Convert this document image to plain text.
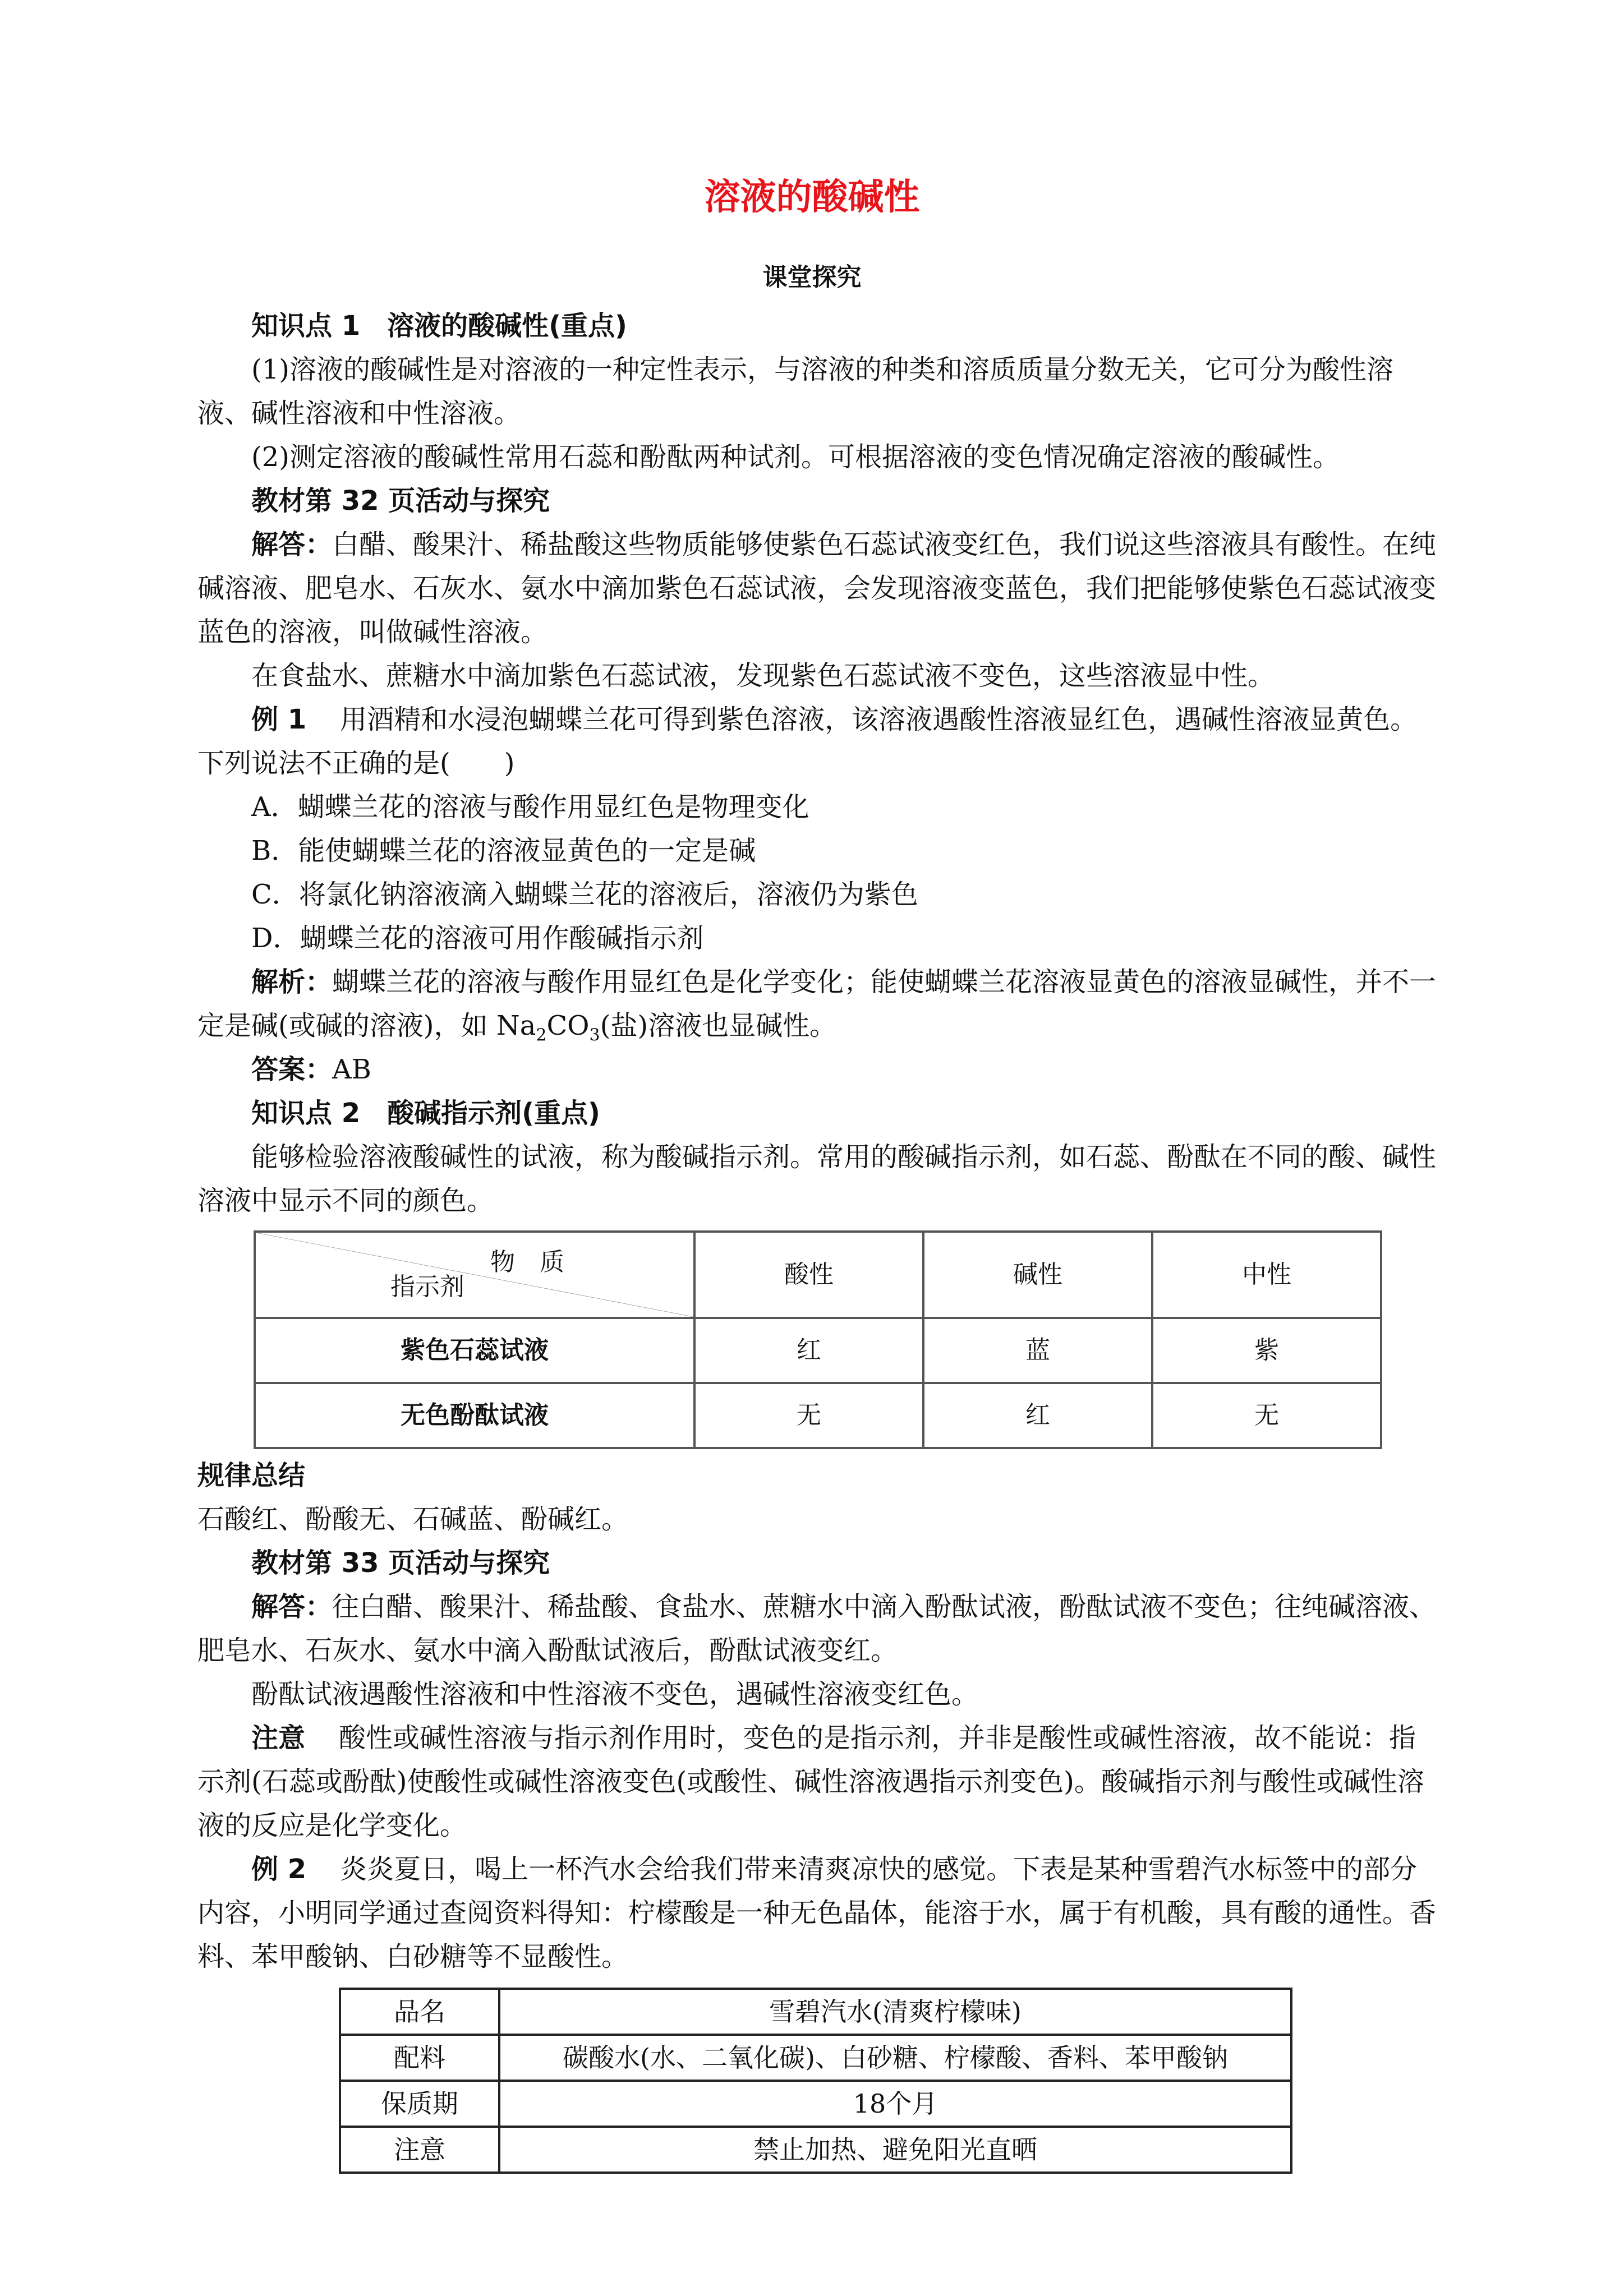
溶液的酸碱性
课堂探究

知识点 1　溶液的酸碱性(重点)

(1)溶液的酸碱性是对溶液的一种定性表示，与溶液的种类和溶质质量分数无关，它可分为酸性溶液、碱性溶液和中性溶液。

(2)测定溶液的酸碱性常用石蕊和酚酞两种试剂。可根据溶液的变色情况确定溶液的酸碱性。

教材第 32 页活动与探究

解答：白醋、酸果汁、稀盐酸这些物质能够使紫色石蕊试液变红色，我们说这些溶液具有酸性。在纯碱溶液、肥皂水、石灰水、氨水中滴加紫色石蕊试液，会发现溶液变蓝色，我们把能够使紫色石蕊试液变蓝色的溶液，叫做碱性溶液。

在食盐水、蔗糖水中滴加紫色石蕊试液，发现紫色石蕊试液不变色，这些溶液显中性。

例 1 用酒精和水浸泡蝴蝶兰花可得到紫色溶液，该溶液遇酸性溶液显红色，遇碱性溶液显黄色。下列说法不正确的是(　　)

A．蝴蝶兰花的溶液与酸作用显红色是物理变化

B．能使蝴蝶兰花的溶液显黄色的一定是碱

C．将氯化钠溶液滴入蝴蝶兰花的溶液后，溶液仍为紫色

D．蝴蝶兰花的溶液可用作酸碱指示剂

解析：蝴蝶兰花的溶液与酸作用显红色是化学变化；能使蝴蝶兰花溶液显黄色的溶液显碱性，并不一定是碱(或碱的溶液)，如 $Na_2CO_3$(盐)溶液也显碱性。

答案：AB

知识点 2　酸碱指示剂(重点)

能够检验溶液酸碱性的试液，称为酸碱指示剂。常用的酸碱指示剂，如石蕊、酚酞在不同的酸、碱性溶液中显示不同的颜色。

物　质
指示剂	酸性	碱性	中性
紫色石蕊试液	红	蓝	紫
无色酚酞试液	无	红	无

规律总结

石酸红、酚酸无、石碱蓝、酚碱红。

教材第 33 页活动与探究

解答：往白醋、酸果汁、稀盐酸、食盐水、蔗糖水中滴入酚酞试液，酚酞试液不变色；往纯碱溶液、肥皂水、石灰水、氨水中滴入酚酞试液后，酚酞试液变红。

酚酞试液遇酸性溶液和中性溶液不变色，遇碱性溶液变红色。

注意 酸性或碱性溶液与指示剂作用时，变色的是指示剂，并非是酸性或碱性溶液，故不能说：指示剂(石蕊或酚酞)使酸性或碱性溶液变色(或酸性、碱性溶液遇指示剂变色)。酸碱指示剂与酸性或碱性溶液的反应是化学变化。

例 2 炎炎夏日，喝上一杯汽水会给我们带来清爽凉快的感觉。下表是某种雪碧汽水标签中的部分内容，小明同学通过查阅资料得知：柠檬酸是一种无色晶体，能溶于水，属于有机酸，具有酸的通性。香料、苯甲酸钠、白砂糖等不显酸性。

品名	雪碧汽水(清爽柠檬味)
配料	碳酸水(水、二氧化碳)、白砂糖、柠檬酸、香料、苯甲酸钠
保质期	18个月
注意	禁止加热、避免阳光直晒
